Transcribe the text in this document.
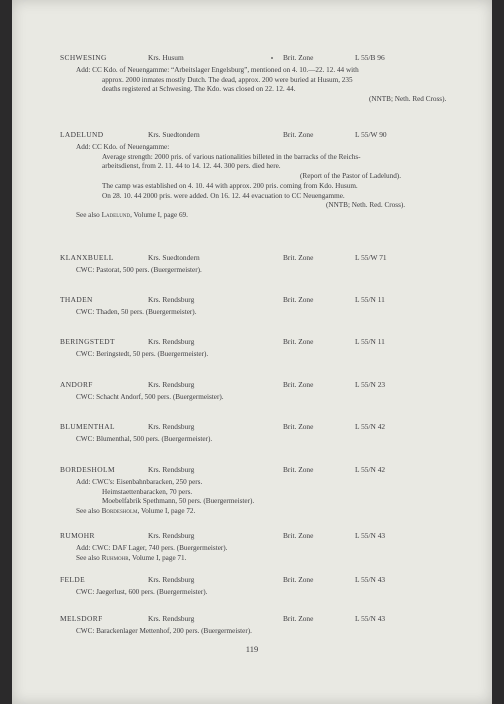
SCHWESING	Krs. Husum	Brit. Zone	L 55/B 96
Add: CC Kdo. of Neuengamme: “Arbeitslager Engelsburg”, mentioned on 4. 10.—22. 12. 44 with
approx. 2000 inmates mostly Dutch. The dead, approx. 200 were buried at Husum, 235
deaths registered at Schwesing. The Kdo. was closed on 22. 12. 44.
(NNTB; Neth. Red Cross).
LADELUND	Krs. Suedtondern	Brit. Zone	L 55/W 90
Add: CC Kdo. of Neuengamme:
Average strength: 2000 pris. of various nationalities billeted in the barracks of the Reichs-
arbeitsdienst, from 2. 11. 44 to 14. 12. 44. 300 pers. died here.
(Report of the Pastor of Ladelund).
The camp was established on 4. 10. 44 with approx. 200 pris. coming from Kdo. Husum.
On 28. 10. 44 2000 pris. were added. On 16. 12. 44 evacuation to CC Neuengamme.
(NNTB; Neth. Red. Cross).
See also Ladelund, Volume I, page 69.
KLANXBUELL	Krs. Suedtondern	Brit. Zone	L 55/W 71
CWC: Pastorat, 500 pers. (Buergermeister).
THADEN	Krs. Rendsburg	Brit. Zone	L 55/N 11
CWC: Thaden, 50 pers. (Buergermeister).
BERINGSTEDT	Krs. Rendsburg	Brit. Zone	L 55/N 11
CWC: Beringstedt, 50 pers. (Buergermeister).
ANDORF	Krs. Rendsburg	Brit. Zone	L 55/N 23
CWC: Schacht Andorf, 500 pers. (Buergermeister).
BLUMENTHAL	Krs. Rendsburg	Brit. Zone	L 55/N 42
CWC: Blumenthal, 500 pers. (Buergermeister).
BORDESHOLM	Krs. Rendsburg	Brit. Zone	L 55/N 42
Add: CWC's: Eisenbahnbaracken, 250 pers.
Heimstaettenbaracken, 70 pers.
Moebelfabrik Spethmann, 50 pers. (Buergermeister).
See also Bordesholm, Volume I, page 72.
RUMOHR	Krs. Rendsburg	Brit. Zone	L 55/N 43
Add: CWC: DAF Lager, 740 pers. (Buergermeister).
See also Ruhmohr, Volume I, page 71.
FELDE	Krs. Rendsburg	Brit. Zone	L 55/N 43
CWC: Jaegerlust, 600 pers. (Buergermeister).
MELSDORF	Krs. Rendsburg	Brit. Zone	L 55/N 43
CWC: Barackenlager Mettenhof, 200 pers. (Buergermeister).
119
